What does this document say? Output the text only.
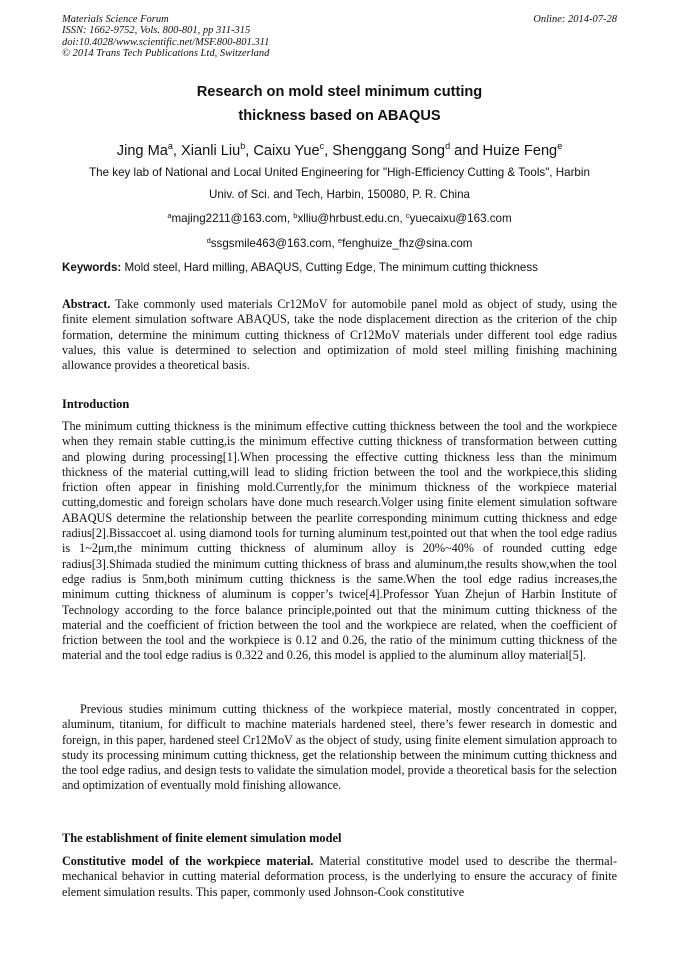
Materials Science Forum
ISSN: 1662-9752, Vols. 800-801, pp 311-315
doi:10.4028/www.scientific.net/MSF.800-801.311
© 2014 Trans Tech Publications Ltd, Switzerland
Online: 2014-07-28
Research on mold steel minimum cutting
thickness based on ABAQUS
Jing Ma$^a$, Xianli Liu$^b$, Caixu Yue$^c$, Shenggang Song$^d$ and Huize Feng$^e$
The key lab of National and Local United Engineering for "High-Efficiency Cutting & Tools", Harbin
Univ. of Sci. and Tech, Harbin, 150080, P. R. China
$^a$majing2211@163.com, $^b$xlliu@hrbust.edu.cn, $^c$yuecaixu@163.com
$^d$ssgsmile463@163.com, $^e$fenghuize_fhz@sina.com
Keywords: Mold steel, Hard milling, ABAQUS, Cutting Edge, The minimum cutting thickness
Abstract. Take commonly used materials Cr12MoV for automobile panel mold as object of study, using the finite element simulation software ABAQUS, take the node displacement direction as the criterion of the chip formation, determine the minimum cutting thickness of Cr12MoV materials under different tool edge radius values, this value is determined to selection and optimization of mold steel milling finishing machining allowance provides a theoretical basis.
Introduction
The minimum cutting thickness is the minimum effective cutting thickness between the tool and the workpiece when they remain stable cutting,is the minimum effective cutting thickness of transformation between cutting and plowing during processing[1].When processing the effective cutting thickness less than the minimum thickness of the material cutting,will lead to sliding friction between the tool and the workpiece,this sliding friction often appear in finishing mold.Currently,for the minimum thickness of the workpiece material cutting,domestic and foreign scholars have done much research.Volger using finite element simulation software ABAQUS determine the relationship between the pearlite corresponding minimum cutting thickness and edge radius[2].Bissaccoet al. using diamond tools for turning aluminum test,pointed out that when the tool edge radius is 1~2μm,the minimum cutting thickness of aluminum alloy is 20%~40% of rounded cutting edge radius[3].Shimada studied the minimum cutting thickness of brass and aluminum,the results show,when the tool edge radius is 5nm,both minimum cutting thickness is the same.When the tool edge radius increases,the minimum cutting thickness of aluminum is copper’s twice[4].Professor Yuan Zhejun of Harbin Institute of Technology according to the force balance principle,pointed out that the minimum cutting thickness of the material and the coefficient of friction between the tool and the workpiece are related, when the coefficient of friction between the tool and the workpiece is 0.12 and 0.26, the ratio of the minimum cutting thickness of the material and the tool edge radius is 0.322 and 0.26, this model is applied to the aluminum alloy material[5].
Previous studies minimum cutting thickness of the workpiece material, mostly concentrated in copper, aluminum, titanium, for difficult to machine materials hardened steel, there’s fewer research in domestic and foreign, in this paper, hardened steel Cr12MoV as the object of study, using finite element simulation approach to study its processing minimum cutting thickness, get the relationship between the minimum cutting thickness and the tool edge radius, and design tests to validate the simulation model, provide a theoretical basis for the selection and optimization of eventually mold finishing allowance.
The establishment of finite element simulation model
Constitutive model of the workpiece material. Material constitutive model used to describe the thermal-mechanical behavior in cutting material deformation process, is the underlying to ensure the accuracy of finite element simulation results. This paper, commonly used Johnson-Cook constitutive
